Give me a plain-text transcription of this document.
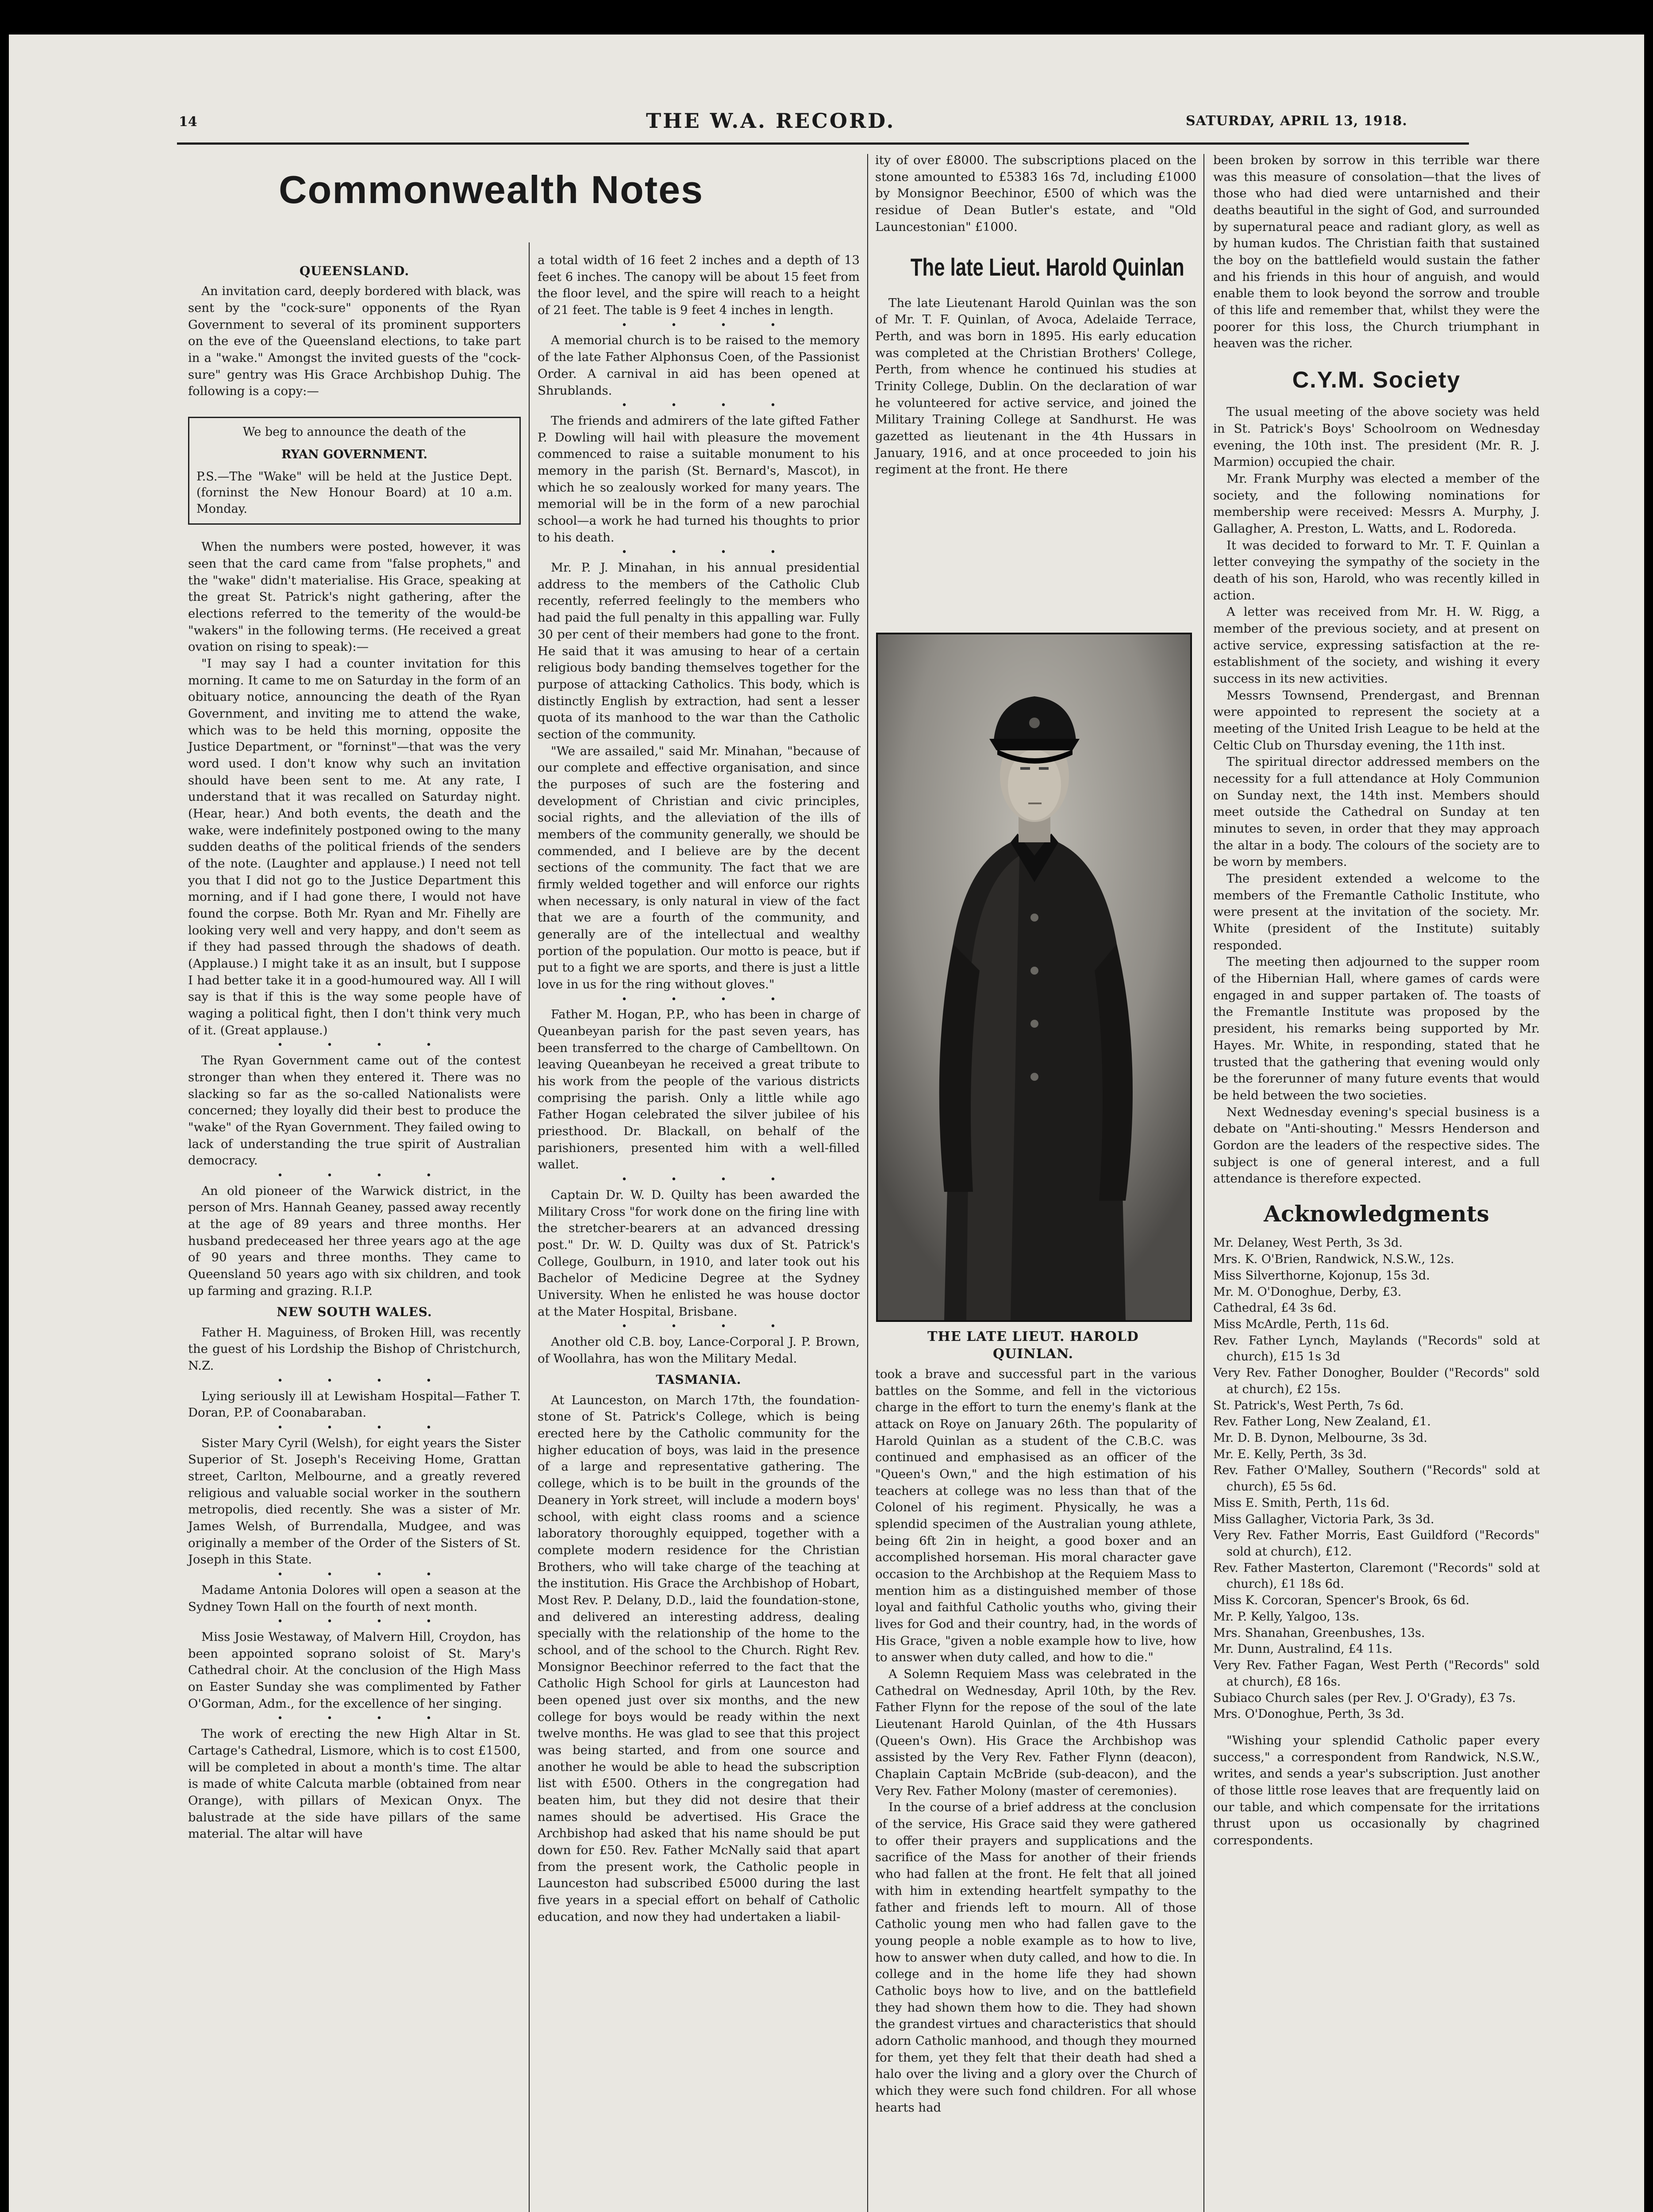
14	THE W.A. RECORD.	SATURDAY, APRIL 13, 1918.
Commonwealth Notes
QUEENSLAND.

An invitation card, deeply bordered with black, was sent by the "cock-sure" opponents of the Ryan Government to several of its prominent supporters on the eve of the Queensland elections, to take part in a "wake." Amongst the invited guests of the "cock-sure" gentry was His Grace Archbishop Duhig. The following is a copy:—

We beg to announce the death of the
RYAN GOVERNMENT.
P.S.—The "Wake" will be held at the Justice Dept. (forninst the New Honour Board) at 10 a.m. Monday.

When the numbers were posted, however, it was seen that the card came from "false prophets," and the "wake" didn't materialise. His Grace, speaking at the great St. Patrick's night gathering, after the elections referred to the temerity of the would-be "wakers" in the following terms. (He received a great ovation on rising to speak):—

"I may say I had a counter invitation for this morning. It came to me on Saturday in the form of an obituary notice, announcing the death of the Ryan Government, and inviting me to attend the wake, which was to be held this morning, opposite the Justice Department, or "forninst"—that was the very word used. I don't know why such an invitation should have been sent to me. At any rate, I understand that it was recalled on Saturday night. (Hear, hear.) And both events, the death and the wake, were indefinitely postponed owing to the many sudden deaths of the political friends of the senders of the note. (Laughter and applause.) I need not tell you that I did not go to the Justice Department this morning, and if I had gone there, I would not have found the corpse. Both Mr. Ryan and Mr. Fihelly are looking very well and very happy, and don't seem as if they had passed through the shadows of death. (Applause.) I might take it as an insult, but I suppose I had better take it in a good-humoured way. All I will say is that if this is the way some people have of waging a political fight, then I don't think very much of it. (Great applause.)

• • • •

The Ryan Government came out of the contest stronger than when they entered it. There was no slacking so far as the so-called Nationalists were concerned; they loyally did their best to produce the "wake" of the Ryan Government. They failed owing to lack of understanding the true spirit of Australian democracy.

• • • •

An old pioneer of the Warwick district, in the person of Mrs. Hannah Geaney, passed away recently at the age of 89 years and three months. Her husband predeceased her three years ago at the age of 90 years and three months. They came to Queensland 50 years ago with six children, and took up farming and grazing. R.I.P.

NEW SOUTH WALES.

Father H. Maguiness, of Broken Hill, was recently the guest of his Lordship the Bishop of Christchurch, N.Z.

• • • •

Lying seriously ill at Lewisham Hospital—Father T. Doran, P.P. of Coonabaraban.

• • • •

Sister Mary Cyril (Welsh), for eight years the Sister Superior of St. Joseph's Receiving Home, Grattan street, Carlton, Melbourne, and a greatly revered religious and valuable social worker in the southern metropolis, died recently. She was a sister of Mr. James Welsh, of Burrendalla, Mudgee, and was originally a member of the Order of the Sisters of St. Joseph in this State.

• • • •

Madame Antonia Dolores will open a season at the Sydney Town Hall on the fourth of next month.

• • • •

Miss Josie Westaway, of Malvern Hill, Croydon, has been appointed soprano soloist of St. Mary's Cathedral choir. At the conclusion of the High Mass on Easter Sunday she was complimented by Father O'Gorman, Adm., for the excellence of her singing.

• • • •

The work of erecting the new High Altar in St. Cartage's Cathedral, Lismore, which is to cost £1500, will be completed in about a month's time. The altar is made of white Calcuta marble (obtained from near Orange), with pillars of Mexican Onyx. The balustrade at the side have pillars of the same material. The altar will have

a total width of 16 feet 2 inches and a depth of 13 feet 6 inches. The canopy will be about 15 feet from the floor level, and the spire will reach to a height of 21 feet. The table is 9 feet 4 inches in length.

• • • •

A memorial church is to be raised to the memory of the late Father Alphonsus Coen, of the Passionist Order. A carnival in aid has been opened at Shrublands.

• • • •

The friends and admirers of the late gifted Father P. Dowling will hail with pleasure the movement commenced to raise a suitable monument to his memory in the parish (St. Bernard's, Mascot), in which he so zealously worked for many years. The memorial will be in the form of a new parochial school—a work he had turned his thoughts to prior to his death.

• • • •

Mr. P. J. Minahan, in his annual presidential address to the members of the Catholic Club recently, referred feelingly to the members who had paid the full penalty in this appalling war. Fully 30 per cent of their members had gone to the front. He said that it was amusing to hear of a certain religious body banding themselves together for the purpose of attacking Catholics. This body, which is distinctly English by extraction, had sent a lesser quota of its manhood to the war than the Catholic section of the community.

"We are assailed," said Mr. Minahan, "because of our complete and effective organisation, and since the purposes of such are the fostering and development of Christian and civic principles, social rights, and the alleviation of the ills of members of the community generally, we should be commended, and I believe are by the decent sections of the community. The fact that we are firmly welded together and will enforce our rights when necessary, is only natural in view of the fact that we are a fourth of the community, and generally are of the intellectual and wealthy portion of the population. Our motto is peace, but if put to a fight we are sports, and there is just a little love in us for the ring without gloves."

• • • •

Father M. Hogan, P.P., who has been in charge of Queanbeyan parish for the past seven years, has been transferred to the charge of Cambelltown. On leaving Queanbeyan he received a great tribute to his work from the people of the various districts comprising the parish. Only a little while ago Father Hogan celebrated the silver jubilee of his priesthood. Dr. Blackall, on behalf of the parishioners, presented him with a well-filled wallet.

• • • •

Captain Dr. W. D. Quilty has been awarded the Military Cross "for work done on the firing line with the stretcher-bearers at an advanced dressing post." Dr. W. D. Quilty was dux of St. Patrick's College, Goulburn, in 1910, and later took out his Bachelor of Medicine Degree at the Sydney University. When he enlisted he was house doctor at the Mater Hospital, Brisbane.

• • • •

Another old C.B. boy, Lance-Corporal J. P. Brown, of Woollahra, has won the Military Medal.

TASMANIA.

At Launceston, on March 17th, the foundation-stone of St. Patrick's College, which is being erected here by the Catholic community for the higher education of boys, was laid in the presence of a large and representative gathering. The college, which is to be built in the grounds of the Deanery in York street, will include a modern boys' school, with eight class rooms and a science laboratory thoroughly equipped, together with a complete modern residence for the Christian Brothers, who will take charge of the teaching at the institution. His Grace the Archbishop of Hobart, Most Rev. P. Delany, D.D., laid the foundation-stone, and delivered an interesting address, dealing specially with the relationship of the home to the school, and of the school to the Church. Right Rev. Monsignor Beechinor referred to the fact that the Catholic High School for girls at Launceston had been opened just over six months, and the new college for boys would be ready within the next twelve months. He was glad to see that this project was being started, and from one source and another he would be able to head the subscription list with £500. Others in the congregation had beaten him, but they did not desire that their names should be advertised. His Grace the Archbishop had asked that his name should be put down for £50. Rev. Father McNally said that apart from the present work, the Catholic people in Launceston had subscribed £5000 during the last five years in a special effort on behalf of Catholic education, and now they had undertaken a liabil-

ity of over £8000. The subscriptions placed on the stone amounted to £5383 16s 7d, including £1000 by Monsignor Beechinor, £500 of which was the residue of Dean Butler's estate, and "Old Launcestonian" £1000.

The late Lieut. Harold Quinlan

The late Lieutenant Harold Quinlan was the son of Mr. T. F. Quinlan, of Avoca, Adelaide Terrace, Perth, and was born in 1895. His early education was completed at the Christian Brothers' College, Perth, from whence he continued his studies at Trinity College, Dublin. On the declaration of war he volunteered for active service, and joined the Military Training College at Sandhurst. He was gazetted as lieutenant in the 4th Hussars in January, 1916, and at once proceeded to join his regiment at the front. He there

been broken by sorrow in this terrible war there was this measure of consolation—that the lives of those who had died were untarnished and their deaths beautiful in the sight of God, and surrounded by supernatural peace and radiant glory, as well as by human kudos. The Christian faith that sustained the boy on the battlefield would sustain the father and his friends in this hour of anguish, and would enable them to look beyond the sorrow and trouble of this life and remember that, whilst they were the poorer for this loss, the Church triumphant in heaven was the richer.

C.Y.M. Society

The usual meeting of the above society was held in St. Patrick's Boys' Schoolroom on Wednesday evening, the 10th inst. The president (Mr. R. J. Marmion) occupied the chair.

Mr. Frank Murphy was elected a member of the society, and the following nominations for membership were received: Messrs A. Murphy, J. Gallagher, A. Preston, L. Watts, and L. Rodoreda.

It was decided to forward to Mr. T. F. Quinlan a letter conveying the sympathy of the society in the death of his son, Harold, who was recently killed in action.

A letter was received from Mr. H. W. Rigg, a member of the previous society, and at present on active service, expressing satisfaction at the re-establishment of the society, and wishing it every success in its new activities.

Messrs Townsend, Prendergast, and Brennan were appointed to represent the society at a meeting of the United Irish League to be held at the Celtic Club on Thursday evening, the 11th inst.

The spiritual director addressed members on the necessity for a full attendance at Holy Communion on Sunday next, the 14th inst. Members should meet outside the Cathedral on Sunday at ten minutes to seven, in order that they may approach the altar in a body. The colours of the society are to be worn by members.

The president extended a welcome to the members of the Fremantle Catholic Institute, who were present at the invitation of the society. Mr. White (president of the Institute) suitably responded.

The meeting then adjourned to the supper room of the Hibernian Hall, where games of cards were engaged in and supper partaken of. The toasts of the Fremantle Institute was proposed by the president, his remarks being supported by Mr. Hayes. Mr. White, in responding, stated that he trusted that the gathering that evening would only be the forerunner of many future events that would be held between the two societies.

Next Wednesday evening's special business is a debate on "Anti-shouting." Messrs Henderson and Gordon are the leaders of the respective sides. The subject is one of general interest, and a full attendance is therefore expected.

Acknowledgments
Mr. Delaney, West Perth, 3s 3d.
Mrs. K. O'Brien, Randwick, N.S.W., 12s.
Miss Silverthorne, Kojonup, 15s 3d.
Mr. M. O'Donoghue, Derby, £3.
Cathedral, £4 3s 6d.
Miss McArdle, Perth, 11s 6d.
Rev. Father Lynch, Maylands ("Records" sold at church), £15 1s 3d
Very Rev. Father Donogher, Boulder ("Records" sold at church), £2 15s.
St. Patrick's, West Perth, 7s 6d.
Rev. Father Long, New Zealand, £1.
Mr. D. B. Dynon, Melbourne, 3s 3d.
Mr. E. Kelly, Perth, 3s 3d.
Rev. Father O'Malley, Southern ("Records" sold at church), £5 5s 6d.
Miss E. Smith, Perth, 11s 6d.
Miss Gallagher, Victoria Park, 3s 3d.
Very Rev. Father Morris, East Guildford ("Records" sold at church), £12.
Rev. Father Masterton, Claremont ("Records" sold at church), £1 18s 6d.
Miss K. Corcoran, Spencer's Brook, 6s 6d.
Mr. P. Kelly, Yalgoo, 13s.
Mrs. Shanahan, Greenbushes, 13s.
Mr. Dunn, Australind, £4 11s.
Very Rev. Father Fagan, West Perth ("Records" sold at church), £8 16s.
Subiaco Church sales (per Rev. J. O'Grady), £3 7s.
Mrs. O'Donoghue, Perth, 3s 3d.

"Wishing your splendid Catholic paper every success," a correspondent from Randwick, N.S.W., writes, and sends a year's subscription. Just another of those little rose leaves that are frequently laid on our table, and which compensate for the irritations thrust upon us occasionally by chagrined correspondents.

THE LATE LIEUT. HAROLD QUINLAN.

took a brave and successful part in the various battles on the Somme, and fell in the victorious charge in the effort to turn the enemy's flank at the attack on Roye on January 26th. The popularity of Harold Quinlan as a student of the C.B.C. was continued and emphasised as an officer of the "Queen's Own," and the high estimation of his teachers at college was no less than that of the Colonel of his regiment. Physically, he was a splendid specimen of the Australian young athlete, being 6ft 2in in height, a good boxer and an accomplished horseman. His moral character gave occasion to the Archbishop at the Requiem Mass to mention him as a distinguished member of those loyal and faithful Catholic youths who, giving their lives for God and their country, had, in the words of His Grace, "given a noble example how to live, how to answer when duty called, and how to die."

A Solemn Requiem Mass was celebrated in the Cathedral on Wednesday, April 10th, by the Rev. Father Flynn for the repose of the soul of the late Lieutenant Harold Quinlan, of the 4th Hussars (Queen's Own). His Grace the Archbishop was assisted by the Very Rev. Father Flynn (deacon), Chaplain Captain McBride (sub-deacon), and the Very Rev. Father Molony (master of ceremonies).

In the course of a brief address at the conclusion of the service, His Grace said they were gathered to offer their prayers and supplications and the sacrifice of the Mass for another of their friends who had fallen at the front. He felt that all joined with him in extending heartfelt sympathy to the father and friends left to mourn. All of those Catholic young men who had fallen gave to the young people a noble example as to how to live, how to answer when duty called, and how to die. In college and in the home life they had shown Catholic boys how to live, and on the battlefield they had shown them how to die. They had shown the grandest virtues and characteristics that should adorn Catholic manhood, and though they mourned for them, yet they felt that their death had shed a halo over the living and a glory over the Church of which they were such fond children. For all whose hearts had
